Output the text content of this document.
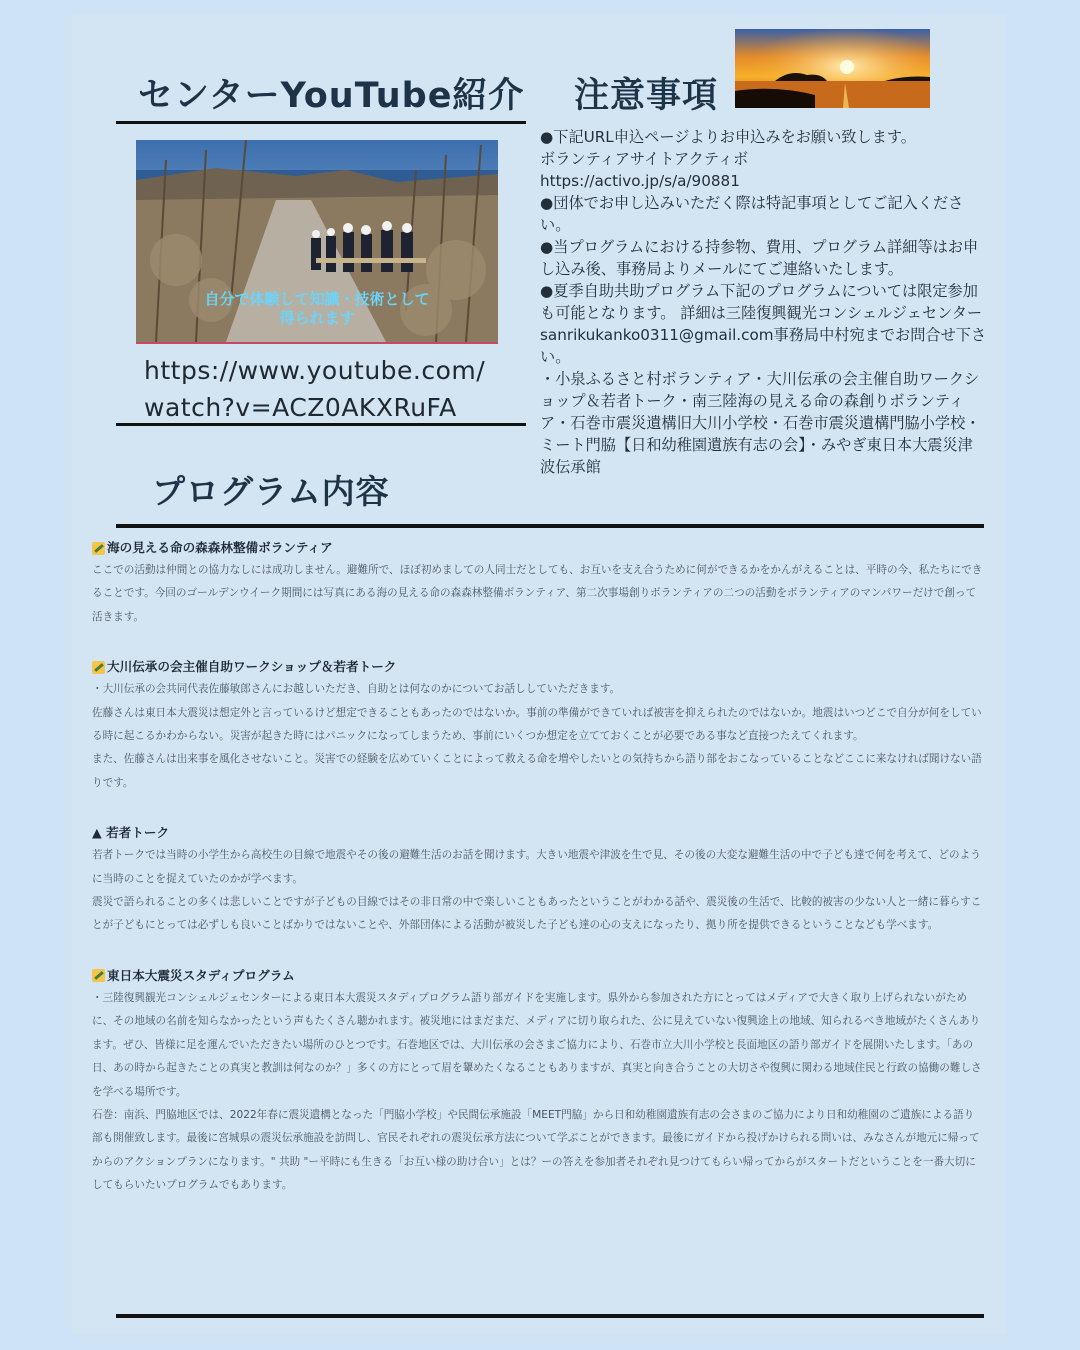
センターYouTube紹介 注意事項
自分で体験して知識・技術として
得られます
https://www.youtube.com/
watch?v=ACZ0AKXRuFA
プログラム内容

●下記URL申込ページよりお申込みをお願い致します。

ボランティアサイトアクティボ

https://activo.jp/s/a/90881

●団体でお申し込みいただく際は特記事項としてご記入ください。

●当プログラムにおける持参物、費用、プログラム詳細等はお申し込み後、事務局よりメールにてご連絡いたします。

●夏季自助共助プログラム下記のプログラムについては限定参加も可能となります。 詳細は三陸復興観光コンシェルジェセンターsanrikukanko0311@gmail.com事務局中村宛までお問合せ下さい。

・小泉ふるさと村ボランティア・大川伝承の会主催自助ワークショップ＆若者トーク・南三陸海の見える命の森創りボランティア・石巻市震災遺構旧大川小学校・石巻市震災遺構門脇小学校・ミート門脇【日和幼稚園遺族有志の会】・みやぎ東日本大震災津波伝承館

海の見える命の森森林整備ボランティア

ここでの活動は仲間との協力なしには成功しません。避難所で、ほぼ初めましての人同士だとしても、お互いを支え合うために何ができるかをかんがえることは、平時の今、私たちにできることです。今回のゴールデンウイーク期間には写真にある海の見える命の森森林整備ボランティア、第二次事場創りボランティアの二つの活動をボランティアのマンパワーだけで創って活きます。

大川伝承の会主催自助ワークショップ＆若者トーク

・大川伝承の会共同代表佐藤敏郎さんにお越しいただき、自助とは何なのかについてお話ししていただきます。

佐藤さんは東日本大震災は想定外と言っているけど想定できることもあったのではないか。事前の準備ができていれば被害を抑えられたのではないか。地震はいつどこで自分が何をしている時に起こるかわからない。災害が起きた時にはパニックになってしまうため、事前にいくつか想定を立てておくことが必要である事など直接つたえてくれます。

また、佐藤さんは出来事を風化させないこと。災害での経験を広めていくことによって救える命を増やしたいとの気持ちから語り部をおこなっていることなどここに来なければ聞けない語りです。

▲ 若者トーク

若者トークでは当時の小学生から高校生の目線で地震やその後の避難生活のお話を聞けます。大きい地震や津波を生で見、その後の大変な避難生活の中で子ども達で何を考えて、どのように当時のことを捉えていたのかが学べます。

震災で語られることの多くは悲しいことですが子どもの目線ではその非日常の中で楽しいこともあったということがわかる話や、震災後の生活で、比較的被害の少ない人と一緒に暮らすことが子どもにとっては必ずしも良いことばかりではないことや、外部団体による活動が被災した子ども達の心の支えになったり、拠り所を提供できるということなども学べます。

東日本大震災スタディプログラム

・三陸復興観光コンシェルジェセンターによる東日本大震災スタディプログラム語り部ガイドを実施します。県外から参加された方にとってはメディアで大きく取り上げられないがために、その地域の名前を知らなかったという声もたくさん聴かれます。被災地にはまだまだ、メディアに切り取られた、公に見えていない復興途上の地域、知られるべき地域がたくさんあります。ぜひ、皆様に足を運んでいただきたい場所のひとつです。石巻地区では、大川伝承の会さまご協力により、石巻市立大川小学校と長面地区の語り部ガイドを展開いたします。「あの日、あの時から起きたことの真実と教訓は何なのか？」多くの方にとって眉を顰めたくなることもありますが、真実と向き合うことの大切さや復興に関わる地域住民と行政の協働の難しさを学べる場所です。

石巻：南浜、門脇地区では、2022年春に震災遺構となった「門脇小学校」や民間伝承施設「MEET門脇」から日和幼稚園遺族有志の会さまのご協力により日和幼稚園のご遺族による語り部も開催致します。最後に宮城県の震災伝承施設を訪問し、官民それぞれの震災伝承方法について学ぶことができます。最後にガイドから投げかけられる問いは、みなさんが地元に帰ってからのアクションプランになります。" 共助 "ー平時にも生きる「お互い様の助け合い」とは？ーの答えを参加者それぞれ見つけてもらい帰ってからがスタートだということを一番大切にしてもらいたいプログラムでもあります。
